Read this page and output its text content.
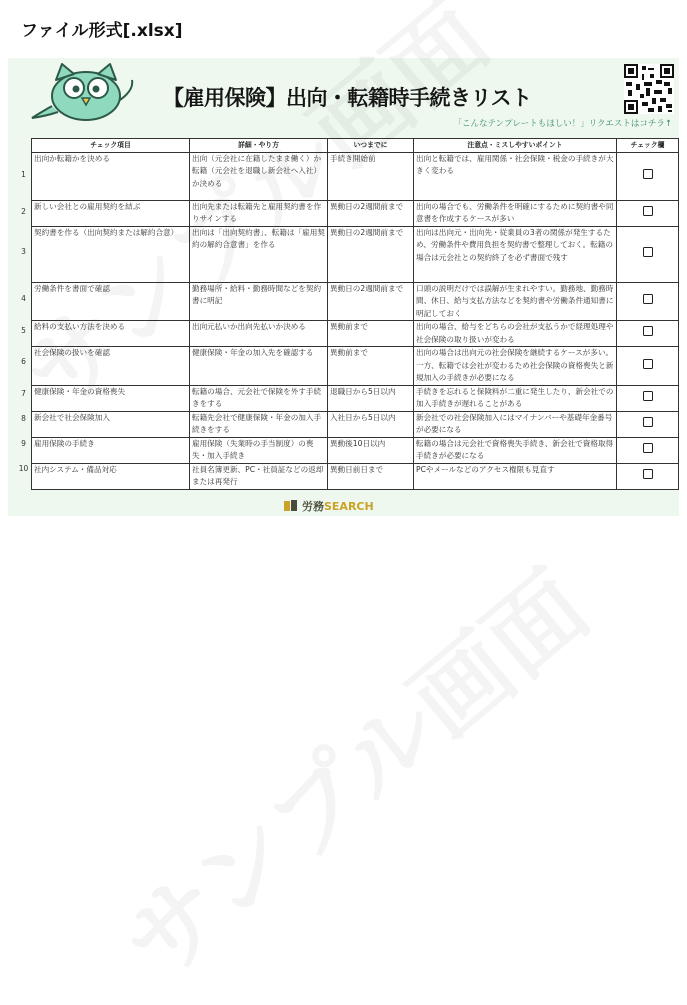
ファイル形式[.xlsx]
【雇用保険】出向・転籍時手続きリスト
「こんなテンプレートもほしい！」リクエストはコチラ↑
1
2
3
4
5
6
7
8
9
10
チェック項目	詳細・やり方	いつまでに	注意点・ミスしやすいポイント	チェック欄
出向か転籍かを決める	出向（元会社に在籍したまま働く）か転籍（元会社を退職し新会社へ入社）か決める	手続き開始前	出向と転籍では、雇用関係・社会保険・税金の手続きが大きく変わる	
新しい会社との雇用契約を結ぶ	出向先または転籍先と雇用契約書を作りサインする	異動日の2週間前まで	出向の場合でも、労働条件を明確にするために契約書や同意書を作成するケースが多い	
契約書を作る（出向契約または解約合意）	出向は「出向契約書」、転籍は「雇用契約の解約合意書」を作る	異動日の2週間前まで	出向は出向元・出向先・従業員の3者の関係が発生するため、労働条件や費用負担を契約書で整理しておく。転籍の場合は元会社との契約終了を必ず書面で残す	
労働条件を書面で確認	勤務場所・給料・勤務時間などを契約書に明記	異動日の2週間前まで	口頭の説明だけでは誤解が生まれやすい。勤務地、勤務時間、休日、給与支払方法などを契約書や労働条件通知書に明記しておく	
給料の支払い方法を決める	出向元払いか出向先払いか決める	異動前まで	出向の場合、給与をどちらの会社が支払うかで経理処理や社会保険の取り扱いが変わる	
社会保険の扱いを確認	健康保険・年金の加入先を確認する	異動前まで	出向の場合は出向元の社会保険を継続するケースが多い。一方、転籍では会社が変わるため社会保険の資格喪失と新規加入の手続きが必要になる	
健康保険・年金の資格喪失	転籍の場合、元会社で保険を外す手続きをする	退職日から5日以内	手続きを忘れると保険料が二重に発生したり、新会社での加入手続きが遅れることがある	
新会社で社会保険加入	転籍先会社で健康保険・年金の加入手続きをする	入社日から5日以内	新会社での社会保険加入にはマイナンバーや基礎年金番号が必要になる	
雇用保険の手続き	雇用保険（失業時の手当制度）の喪失・加入手続き	異動後10日以内	転籍の場合は元会社で資格喪失手続き、新会社で資格取得手続きが必要になる	
社内システム・備品対応	社員名簿更新、PC・社員証などの返却または再発行	異動日前日まで	PCやメールなどのアクセス権限も見直す	
労務SEARCH
